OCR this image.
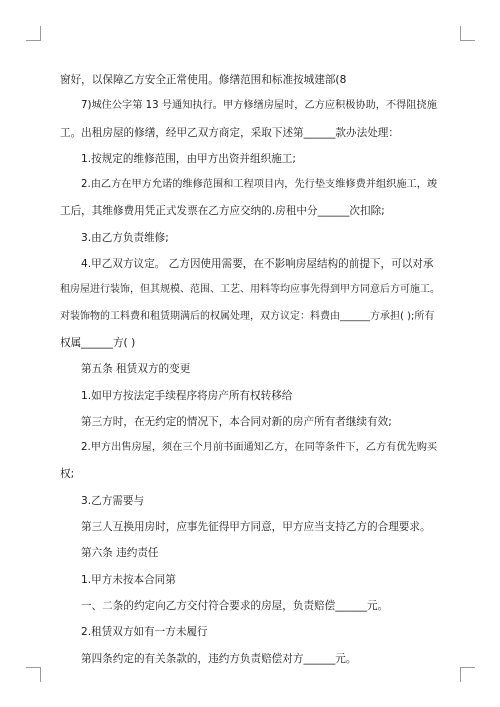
窗好，以保障乙方安全正常使用。修缮范围和标准按城建部(8
7)城住公字第 13 号通知执行。甲方修缮房屋时，乙方应积极协助，不得阻挠施
工。出租房屋的修缮，经甲乙双方商定，采取下述第______款办法处理：
1.按规定的维修范围，由甲方出资并组织施工;
2.由乙方在甲方允诺的维修范围和工程项目内，先行垫支维修费并组织施工，竣
工后，其维修费用凭正式发票在乙方应交纳的.房租中分______次扣除;
3.由乙方负责维修;
4.甲乙双方议定。 乙方因使用需要，在不影响房屋结构的前提下，可以对承
租房屋进行装饰，但其规模、范围、工艺、用料等均应事先得到甲方同意后方可施工。
对装饰物的工料费和租赁期满后的权属处理，双方议定：料费由______方承担( );所有
权属______方( )
第五条 租赁双方的变更
1.如甲方按法定手续程序将房产所有权转移给
第三方时，在无约定的情况下，本合同对新的房产所有者继续有效;
2.甲方出售房屋，须在三个月前书面通知乙方，在同等条件下，乙方有优先购买
权;
3.乙方需要与
第三人互换用房时，应事先征得甲方同意，甲方应当支持乙方的合理要求。
第六条 违约责任
1.甲方未按本合同第
一、二条的约定向乙方交付符合要求的房屋，负责赔偿______元。
2.租赁双方如有一方未履行
第四条约定的有关条款的，违约方负责赔偿对方______元。
